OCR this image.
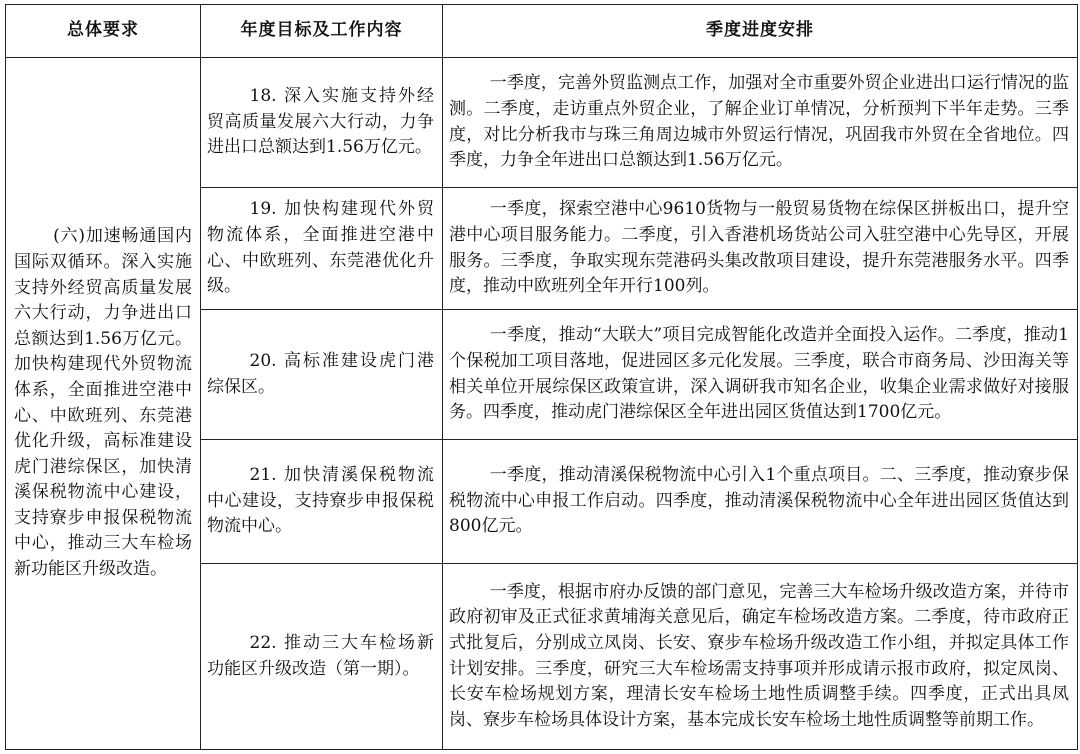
总体要求	年度目标及工作内容	季度进度安排
(六)加速畅通国内国际双循环。深入实施支持外经贸高质量发展六大行动，力争进出口总额达到1.56万亿元。加快构建现代外贸物流体系，全面推进空港中心、中欧班列、东莞港优化升级，高标准建设虎门港综保区，加快清溪保税物流中心建设，支持寮步申报保税物流中心，推动三大车检场新功能区升级改造。	18. 深入实施支持外经贸高质量发展六大行动，力争进出口总额达到1.56万亿元。	一季度，完善外贸监测点工作，加强对全市重要外贸企业进出口运行情况的监测。二季度，走访重点外贸企业，了解企业订单情况，分析预判下半年走势。三季度，对比分析我市与珠三角周边城市外贸运行情况，巩固我市外贸在全省地位。四季度，力争全年进出口总额达到1.56万亿元。
	19. 加快构建现代外贸物流体系，全面推进空港中心、中欧班列、东莞港优化升级。	一季度，探索空港中心9610货物与一般贸易货物在综保区拼板出口，提升空港中心项目服务能力。二季度，引入香港机场货站公司入驻空港中心先导区，开展服务。三季度，争取实现东莞港码头集改散项目建设，提升东莞港服务水平。四季度，推动中欧班列全年开行100列。
	20. 高标准建设虎门港综保区。	一季度，推动“大联大”项目完成智能化改造并全面投入运作。二季度，推动1个保税加工项目落地，促进园区多元化发展。三季度，联合市商务局、沙田海关等相关单位开展综保区政策宣讲，深入调研我市知名企业，收集企业需求做好对接服务。四季度，推动虎门港综保区全年进出园区货值达到1700亿元。
	21. 加快清溪保税物流中心建设，支持寮步申报保税物流中心。	一季度，推动清溪保税物流中心引入1个重点项目。二、三季度，推动寮步保税物流中心申报工作启动。四季度，推动清溪保税物流中心全年进出园区货值达到800亿元。
	22. 推动三大车检场新功能区升级改造（第一期）。	一季度，根据市府办反馈的部门意见，完善三大车检场升级改造方案，并待市政府初审及正式征求黄埔海关意见后，确定车检场改造方案。二季度，待市政府正式批复后，分别成立凤岗、长安、寮步车检场升级改造工作小组，并拟定具体工作计划安排。三季度，研究三大车检场需支持事项并形成请示报市政府，拟定凤岗、长安车检场规划方案，理清长安车检场土地性质调整手续。四季度，正式出具凤岗、寮步车检场具体设计方案，基本完成长安车检场土地性质调整等前期工作。
